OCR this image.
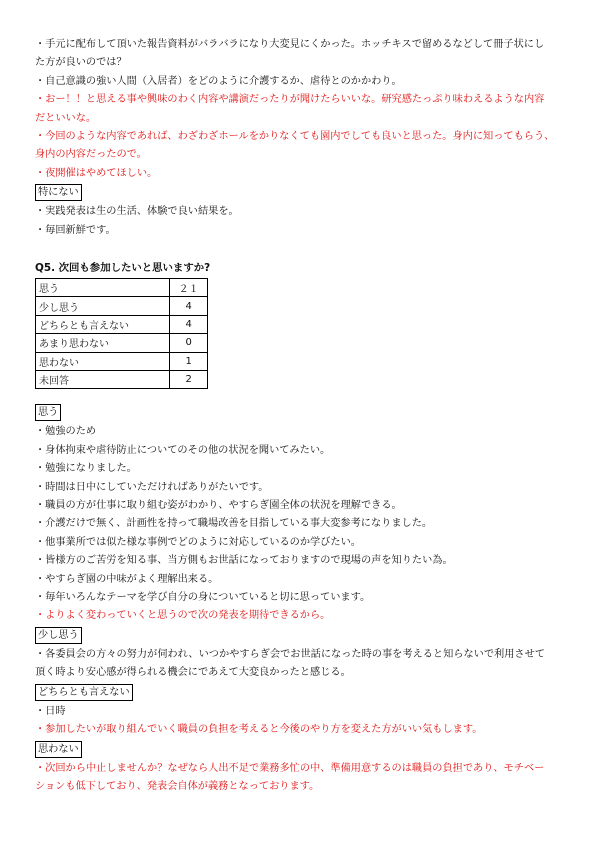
・手元に配布して頂いた報告資料がバラバラになり大変見にくかった。ホッチキスで留めるなどして冊子状にし
た方が良いのでは？
・自己意識の強い人間（入居者）をどのように介護するか、虐待とのかかわり。
・おー！！と思える事や興味のわく内容や講演だったりが聞けたらいいな。研究感たっぷり味わえるような内容
だといいな。
・今回のような内容であれば、わざわざホールをかりなくても園内でしても良いと思った。身内に知ってもらう、
身内の内容だったので。
・夜開催はやめてほしい。
特にない
・実践発表は生の生活、体験で良い結果を。
・毎回新鮮です。
Q5. 次回も参加したいと思いますか?
思う	２１
少し思う	4
どちらとも言えない	4
あまり思わない	0
思わない	1
未回答	2
思う
・勉強のため
・身体拘束や虐待防止についてのその他の状況を聞いてみたい。
・勉強になりました。
・時間は日中にしていただければありがたいです。
・職員の方が仕事に取り組む姿がわかり、やすらぎ園全体の状況を理解できる。
・介護だけで無く、計画性を持って職場改善を目指している事大変参考になりました。
・他事業所では似た様な事例でどのように対応しているのか学びたい。
・皆様方のご苦労を知る事、当方側もお世話になっておりますので現場の声を知りたい為。
・やすらぎ園の中味がよく理解出来る。
・毎年いろんなテーマを学び自分の身についていると切に思っています。
・よりよく変わっていくと思うので次の発表を期待できるから。
少し思う
・各委員会の方々の努力が伺われ、いつかやすらぎ会でお世話になった時の事を考えると知らないで利用させて
頂く時より安心感が得られる機会にであえて大変良かったと感じる。
どちらとも言えない
・日時
・参加したいが取り組んでいく職員の負担を考えると今後のやり方を変えた方がいい気もします。
思わない
・次回から中止しませんか？なぜなら人出不足で業務多忙の中、準備用意するのは職員の負担であり、モチベー
ションも低下しており、発表会自体が義務となっております。
